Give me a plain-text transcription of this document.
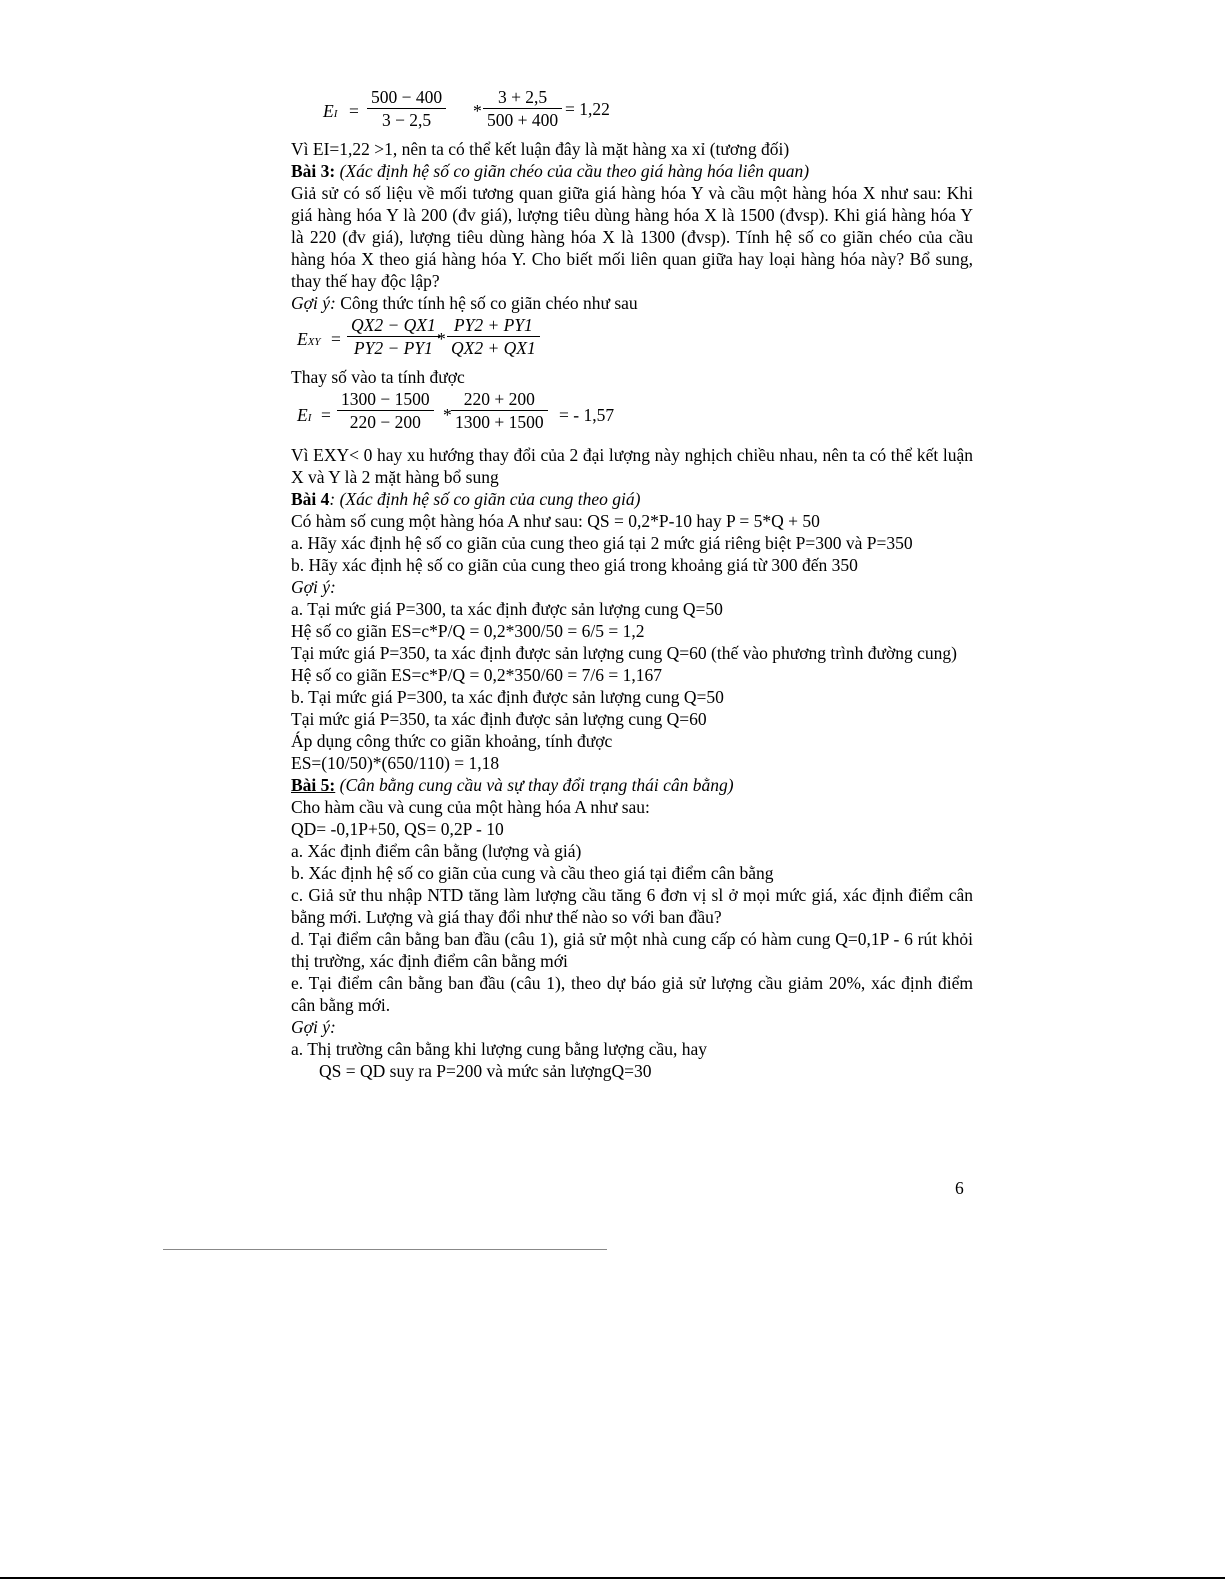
EI = $\frac{500 - 400}{3 - 2,5} * \frac{3 + 2,5}{500 + 400} = 1,22$

Vì EI=1,22 >1, nên ta có thể kết luận đây là mặt hàng xa xỉ (tương đối)

Bài 3: (Xác định hệ số co giãn chéo của cầu theo giá hàng hóa liên quan)

Giả sử có số liệu về mối tương quan giữa giá hàng hóa Y và cầu một hàng hóa X như sau: Khi giá hàng hóa Y là 200 (đv giá), lượng tiêu dùng hàng hóa X là 1500 (đvsp). Khi giá hàng hóa Y là 220 (đv giá), lượng tiêu dùng hàng hóa X là 1300 (đvsp). Tính hệ số co giãn chéo của cầu hàng hóa X theo giá hàng hóa Y. Cho biết mối liên quan giữa hay loại hàng hóa này? Bổ sung, thay thế hay độc lập?

Gợi ý: Công thức tính hệ số co giãn chéo như sau

EXY = $\frac{QX2 - QX1}{PY2 - PY1}$
* $\frac{PY2 + PY1}{QX2 + QX1}$

Thay số vào ta tính được

EI = $\frac{1300 - 1500}{220 - 200} * \frac{220 + 200}{1300 + 1500}$ = - 1,57

Vì EXY< 0 hay xu hướng thay đổi của 2 đại lượng này nghịch chiều nhau, nên ta có thể kết luận X và Y là 2 mặt hàng bổ sung

Bài 4: (Xác định hệ số co giãn của cung theo giá)

Có hàm số cung một hàng hóa A như sau: QS = 0,2*P-10 hay P = 5*Q + 50

a. Hãy xác định hệ số co giãn của cung theo giá tại 2 mức giá riêng biệt P=300 và P=350

b. Hãy xác định hệ số co giãn của cung theo giá trong khoảng giá từ 300 đến 350

Gợi ý:

a. Tại mức giá P=300, ta xác định được sản lượng cung Q=50

Hệ số co giãn ES=c*P/Q = 0,2*300/50 = 6/5 = 1,2

Tại mức giá P=350, ta xác định được sản lượng cung Q=60 (thế vào phương trình đường cung)

Hệ số co giãn ES=c*P/Q = 0,2*350/60 = 7/6 = 1,167

b. Tại mức giá P=300, ta xác định được sản lượng cung Q=50

Tại mức giá P=350, ta xác định được sản lượng cung Q=60

Áp dụng công thức co giãn khoảng, tính được

ES=(10/50)*(650/110) = 1,18

Bài 5: (Cân bằng cung cầu và sự thay đổi trạng thái cân bằng)

Cho hàm cầu và cung của một hàng hóa A như sau:

QD= -0,1P+50, QS= 0,2P - 10

a. Xác định điểm cân bằng (lượng và giá)

b. Xác định hệ số co giãn của cung và cầu theo giá tại điểm cân bằng

c. Giả sử thu nhập NTD tăng làm lượng cầu tăng 6 đơn vị sl ở mọi mức giá, xác định điểm cân bằng mới. Lượng và giá thay đổi như thế nào so với ban đầu?

d. Tại điểm cân bằng ban đầu (câu 1), giả sử một nhà cung cấp có hàm cung Q=0,1P - 6 rút khỏi thị trường, xác định điểm cân bằng mới

e. Tại điểm cân bằng ban đầu (câu 1), theo dự báo giả sử lượng cầu giảm 20%, xác định điểm cân bằng mới.

Gợi ý:

a. Thị trường cân bằng khi lượng cung bằng lượng cầu, hay

QS = QD suy ra P=200 và mức sản lượngQ=30

6
